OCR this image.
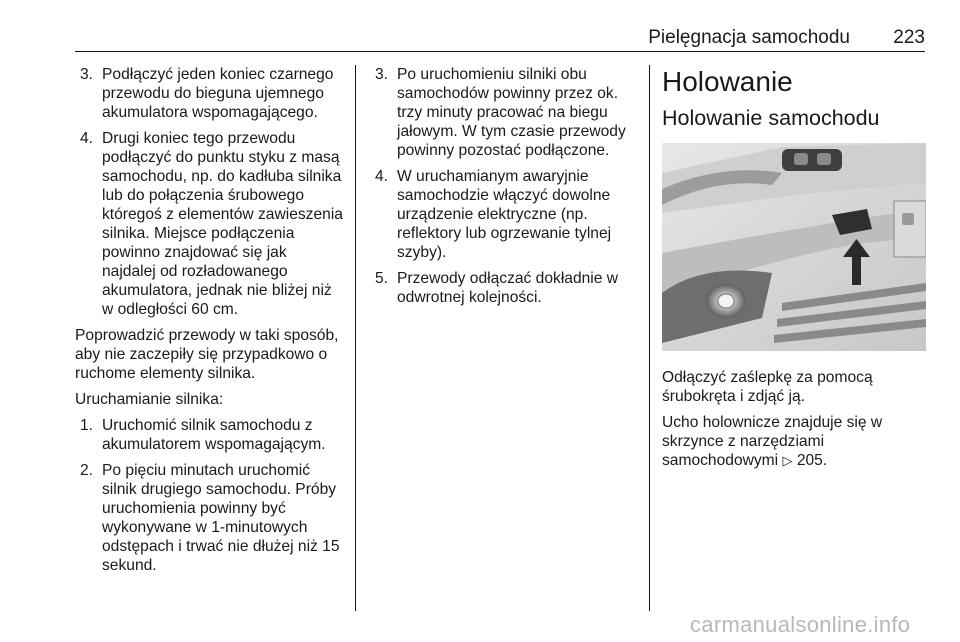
Pielęgnacja samochodu 223
3. Podłączyć jeden koniec czarnego przewodu do bieguna ujemnego akumulatora wspomagającego.
4. Drugi koniec tego przewodu podłączyć do punktu styku z masą samochodu, np. do kadłuba silnika lub do połączenia śrubowego któregoś z elementów zawieszenia silnika. Miejsce podłączenia powinno znajdować się jak najdalej od rozładowanego akumulatora, jednak nie bliżej niż w odległości 60 cm.

Poprowadzić przewody w taki sposób, aby nie zaczepiły się przypadkowo o ruchome elementy silnika.

Uruchamianie silnika:

1. Uruchomić silnik samochodu z akumulatorem wspomagającym.
2. Po pięciu minutach uruchomić silnik drugiego samochodu. Próby uruchomienia powinny być wykonywane w 1-minutowych odstępach i trwać nie dłużej niż 15 sekund.
3. Po uruchomieniu silniki obu samochodów powinny przez ok. trzy minuty pracować na biegu jałowym. W tym czasie przewody powinny pozostać podłączone.
4. W uruchamianym awaryjnie samochodzie włączyć dowolne urządzenie elektryczne (np. reflektory lub ogrzewanie tylnej szyby).
5. Przewody odłączać dokładnie w odwrotnej kolejności.
Holowanie
Holowanie samochodu

Odłączyć zaślepkę za pomocą śrubokręta i zdjąć ją.

Ucho holownicze znajduje się w skrzynce z narzędziami samochodowymi ▷ 205.

carmanualsonline.info
